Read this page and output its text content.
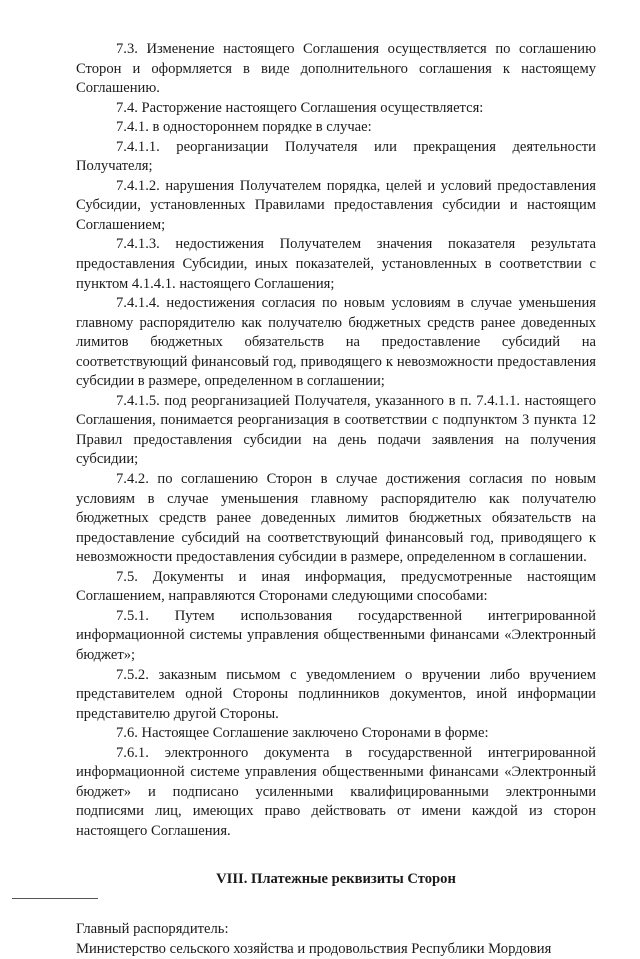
7.3. Изменение настоящего Соглашения осуществляется по соглашению Сторон и оформляется в виде дополнительного соглашения к настоящему Соглашению.

7.4. Расторжение настоящего Соглашения осуществляется:

7.4.1. в одностороннем порядке в случае:

7.4.1.1. реорганизации Получателя или прекращения деятельности Получателя;

7.4.1.2. нарушения Получателем порядка, целей и условий предоставления Субсидии, установленных Правилами предоставления субсидии и настоящим Соглашением;

7.4.1.3. недостижения Получателем значения показателя результата предоставления Субсидии, иных показателей, установленных в соответствии с пунктом 4.1.4.1. настоящего Соглашения;

7.4.1.4. недостижения согласия по новым условиям в случае уменьшения главному распорядителю как получателю бюджетных средств ранее доведенных лимитов бюджетных обязательств на предоставление субсидий на соответствующий финансовый год, приводящего к невозможности предоставления субсидии в размере, определенном в соглашении;

7.4.1.5. под реорганизацией Получателя, указанного в п. 7.4.1.1. настоящего Соглашения, понимается реорганизация в соответствии с подпунктом 3 пункта 12 Правил предоставления субсидии на день подачи заявления на получения субсидии;

7.4.2. по соглашению Сторон в случае достижения согласия по новым условиям в случае уменьшения главному распорядителю как получателю бюджетных средств ранее доведенных лимитов бюджетных обязательств на предоставление субсидий на соответствующий финансовый год, приводящего к невозможности предоставления субсидии в размере, определенном в соглашении.

7.5. Документы и иная информация, предусмотренные настоящим Соглашением, направляются Сторонами следующими способами:

7.5.1. Путем использования государственной интегрированной информационной системы управления общественными финансами «Электронный бюджет»;

7.5.2. заказным письмом с уведомлением о вручении либо вручением представителем одной Стороны подлинников документов, иной информации представителю другой Стороны.

7.6. Настоящее Соглашение заключено Сторонами в форме:

7.6.1. электронного документа в государственной интегрированной информационной системе управления общественными финансами «Электронный бюджет» и подписано усиленными квалифицированными электронными подписями лиц, имеющих право действовать от имени каждой из сторон настоящего Соглашения.

VIII. Платежные реквизиты Сторон

Главный распорядитель:

Министерство сельского хозяйства и продовольствия Республики Мордовия
